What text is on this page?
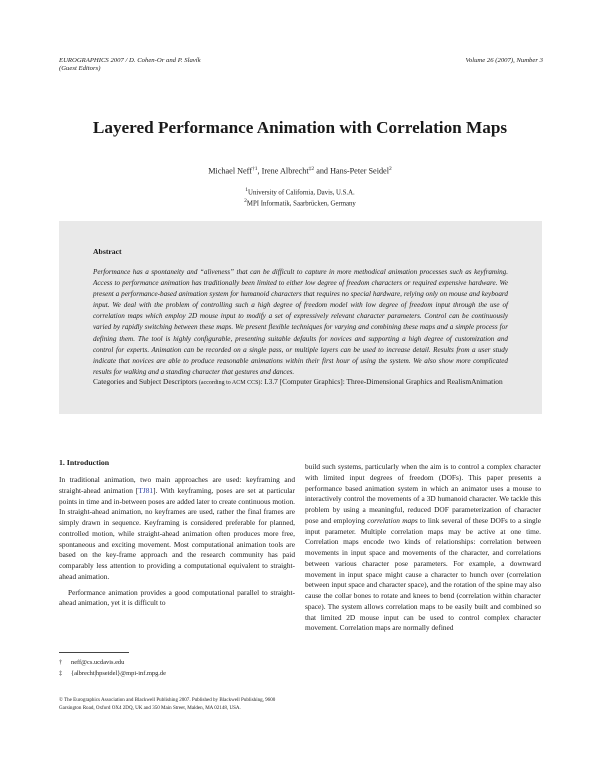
EUROGRAPHICS 2007 / D. Cohen-Or and P. Slavík
(Guest Editors)
Volume 26 (2007), Number 3
Layered Performance Animation with Correlation Maps
Michael Neff$^{\dagger 1}$, Irene Albrecht$^{\ddagger 2}$ and Hans-Peter Seidel$^2$
$^1$University of California, Davis, U.S.A.
$^2$MPI Informatik, Saarbrücken, Germany
Abstract
Performance has a spontaneity and “aliveness” that can be difficult to capture in more methodical animation processes such as keyframing. Access to performance animation has traditionally been limited to either low degree of freedom characters or required expensive hardware. We present a performance-based animation system for humanoid characters that requires no special hardware, relying only on mouse and keyboard input. We deal with the problem of controlling such a high degree of freedom model with low degree of freedom input through the use of correlation maps which employ 2D mouse input to modify a set of expressively relevant character parameters. Control can be continuously varied by rapidly switching between these maps. We present flexible techniques for varying and combining these maps and a simple process for defining them. The tool is highly configurable, presenting suitable defaults for novices and supporting a high degree of customization and control for experts. Animation can be recorded on a single pass, or multiple layers can be used to increase detail. Results from a user study indicate that novices are able to produce reasonable animations within their first hour of using the system. We also show more complicated results for walking and a standing character that gestures and dances.
Categories and Subject Descriptors (according to ACM CCS): I.3.7 [Computer Graphics]: Three-Dimensional Graphics and RealismAnimation
1. Introduction

In traditional animation, two main approaches are used: keyframing and straight-ahead animation [TJ81]. With keyframing, poses are set at particular points in time and in-between poses are added later to create continuous motion. In straight-ahead animation, no keyframes are used, rather the final frames are simply drawn in sequence. Keyframing is considered preferable for planned, controlled motion, while straight-ahead animation often produces more free, spontaneous and exciting movement. Most computational animation tools are based on the key-frame approach and the research community has paid comparably less attention to providing a computational equivalent to straight-ahead animation.

Performance animation provides a good computational parallel to straight-ahead animation, yet it is difficult to

build such systems, particularly when the aim is to control a complex character with limited input degrees of freedom (DOFs). This paper presents a performance based animation system in which an animator uses a mouse to interactively control the movements of a 3D humanoid character. We tackle this problem by using a meaningful, reduced DOF parameterization of character pose and employing correlation maps to link several of these DOFs to a single input parameter. Multiple correlation maps may be active at one time. Correlation maps encode two kinds of relationships: correlation between movements in input space and movements of the character, and correlations between various character pose parameters. For example, a downward movement in input space might cause a character to hunch over (correlation between input space and character space), and the rotation of the spine may also cause the collar bones to rotate and knees to bend (correlation within character space). The system allows correlation maps to be easily built and combined so that limited 2D mouse input can be used to control complex character movement. Correlation maps are normally defined
† neff@cs.ucdavis.edu
‡ {albrecht|hpseidel}@mpi-inf.mpg.de
© The Eurographics Association and Blackwell Publishing 2007. Published by Blackwell Publishing, 9600 Garsington Road, Oxford OX4 2DQ, UK and 350 Main Street, Malden, MA 02148, USA.
